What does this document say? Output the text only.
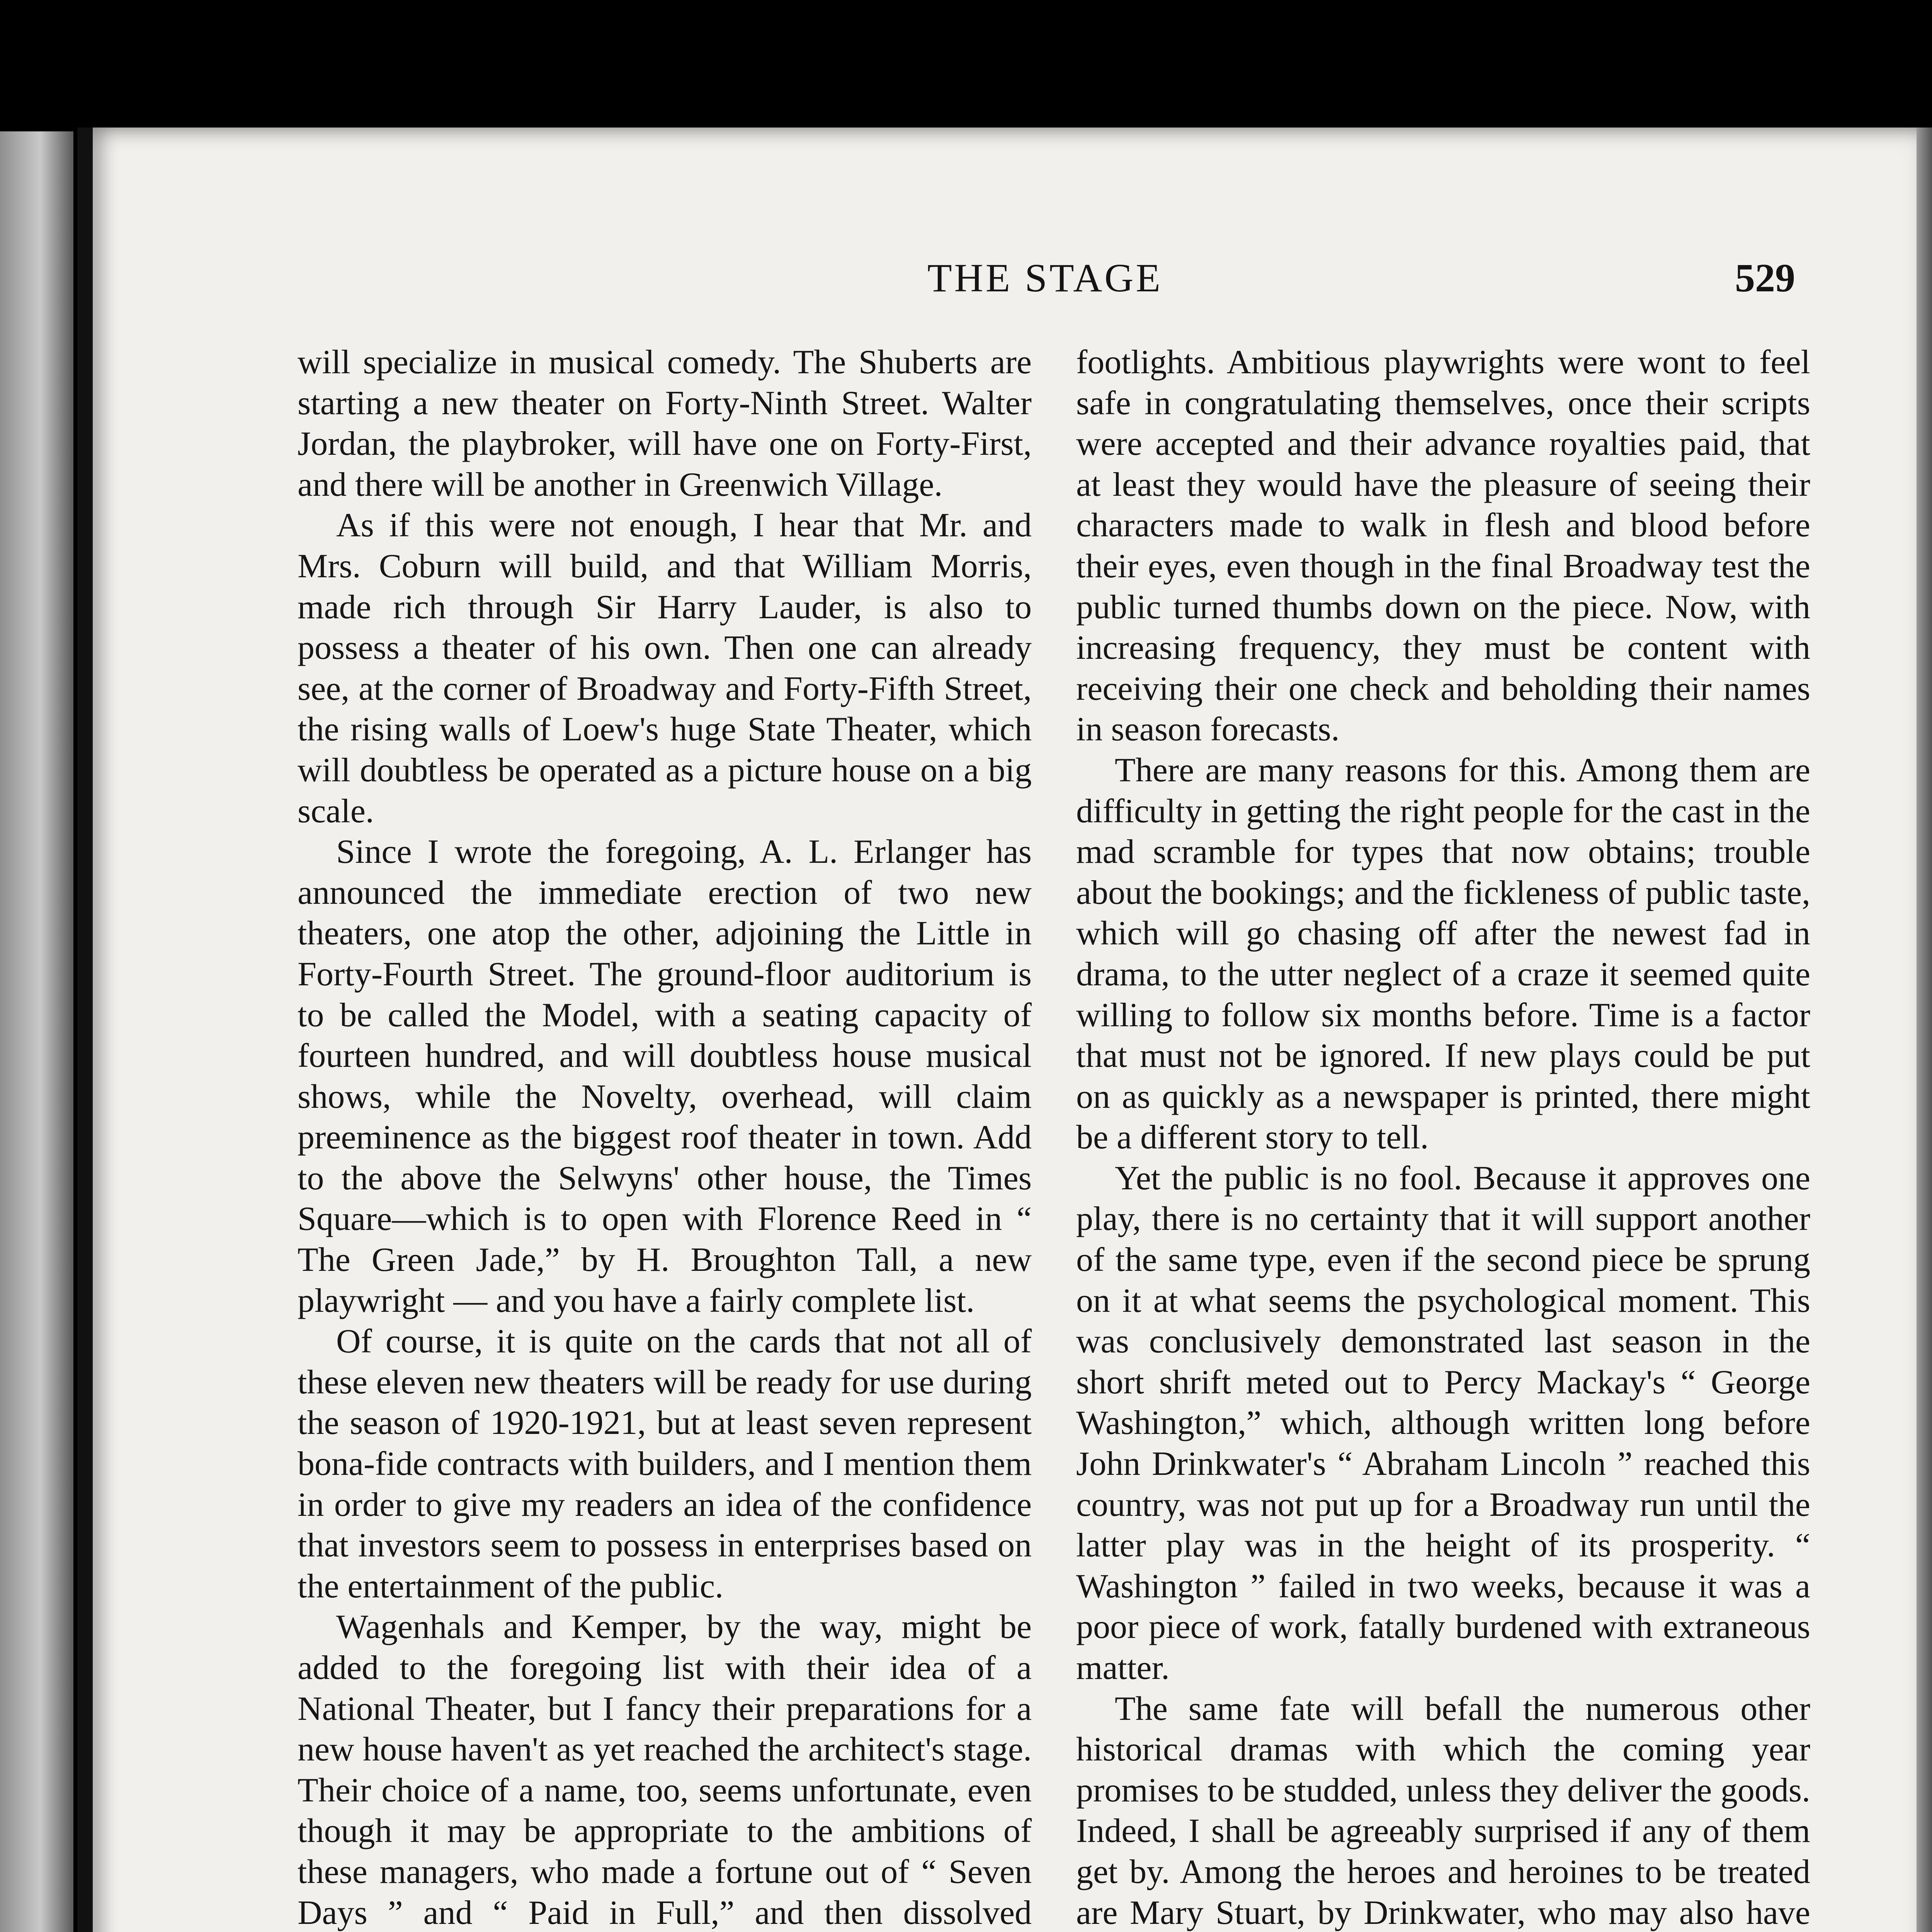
THE STAGE	529

will specialize in musical comedy. The Shuberts are starting a new theater on Forty-Ninth Street. Walter Jordan, the playbroker, will have one on Forty-First, and there will be another in Greenwich Village.

As if this were not enough, I hear that Mr. and Mrs. Coburn will build, and that William Morris, made rich through Sir Harry Lauder, is also to possess a theater of his own. Then one can already see, at the corner of Broadway and Forty-Fifth Street, the rising walls of Loew's huge State Theater, which will doubtless be operated as a picture house on a big scale.

Since I wrote the foregoing, A. L. Erlanger has announced the immediate erection of two new theaters, one atop the other, adjoining the Little in Forty-Fourth Street. The ground-floor auditorium is to be called the Model, with a seating capacity of fourteen hundred, and will doubtless house musical shows, while the Novelty, overhead, will claim preeminence as the biggest roof theater in town. Add to the above the Selwyns' other house, the Times Square—which is to open with Florence Reed in “ The Green Jade,” by H. Broughton Tall, a new playwright — and you have a fairly complete list.

Of course, it is quite on the cards that not all of these eleven new theaters will be ready for use during the season of 1920-1921, but at least seven represent bona-fide contracts with builders, and I mention them in order to give my readers an idea of the confidence that investors seem to possess in enterprises based on the entertainment of the public.

Wagenhals and Kemper, by the way, might be added to the foregoing list with their idea of a National Theater, but I fancy their preparations for a new house haven't as yet reached the architect's stage. Their choice of a name, too, seems unfortunate, even though it may be appropriate to the ambitions of these managers, who made a fortune out of “ Seven Days ” and “ Paid in Full,” and then dissolved

footlights. Ambitious playwrights were wont to feel safe in congratulating themselves, once their scripts were accepted and their advance royalties paid, that at least they would have the pleasure of seeing their characters made to walk in flesh and blood before their eyes, even though in the final Broadway test the public turned thumbs down on the piece. Now, with increasing frequency, they must be content with receiving their one check and beholding their names in season forecasts.

There are many reasons for this. Among them are difficulty in getting the right people for the cast in the mad scramble for types that now obtains; trouble about the bookings; and the fickleness of public taste, which will go chasing off after the newest fad in drama, to the utter neglect of a craze it seemed quite willing to follow six months before. Time is a factor that must not be ignored. If new plays could be put on as quickly as a newspaper is printed, there might be a different story to tell.

Yet the public is no fool. Because it approves one play, there is no certainty that it will support another of the same type, even if the second piece be sprung on it at what seems the psychological moment. This was conclusively demonstrated last season in the short shrift meted out to Percy Mackay's “ George Washington,” which, although written long before John Drinkwater's “ Abraham Lincoln ” reached this country, was not put up for a Broadway run until the latter play was in the height of its prosperity. “ Washington ” failed in two weeks, because it was a poor piece of work, fatally burdened with extraneous matter.

The same fate will befall the numerous other historical dramas with which the coming year promises to be studded, unless they deliver the goods. Indeed, I shall be agreeably surprised if any of them get by. Among the heroes and heroines to be treated are Mary Stuart, by Drinkwater, who may also have
